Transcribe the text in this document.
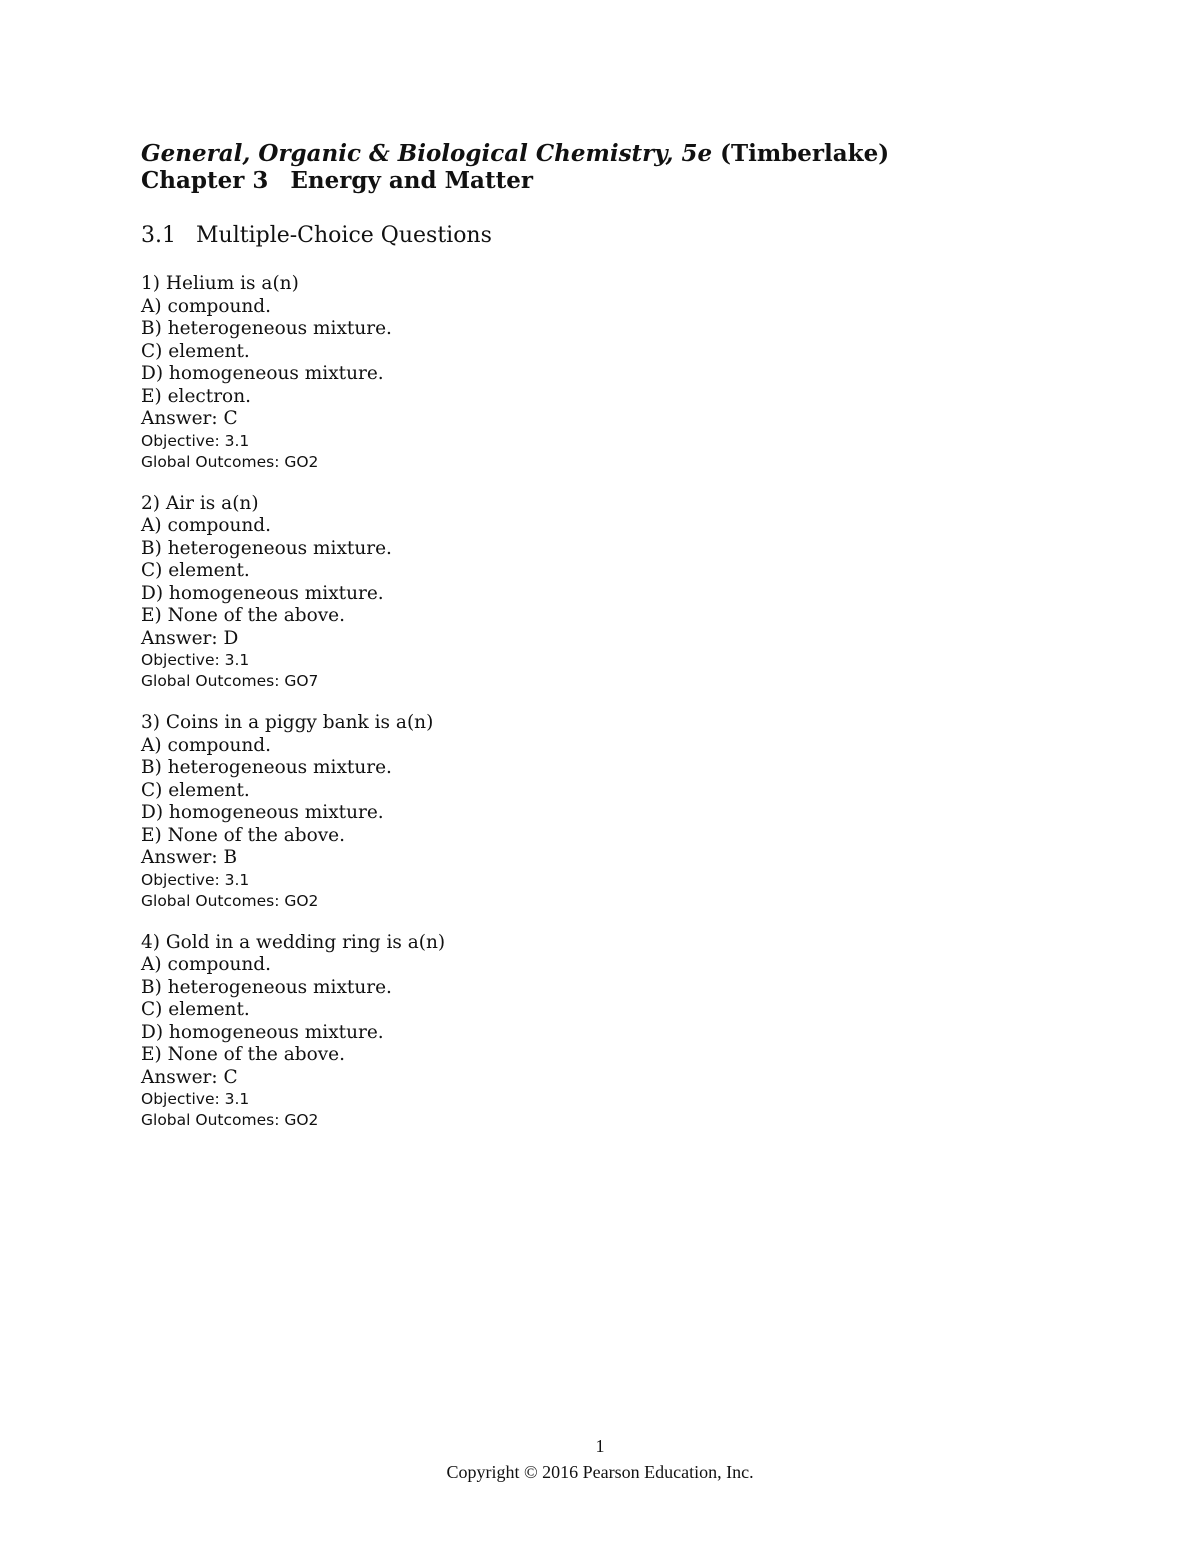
General, Organic & Biological Chemistry, 5e (Timberlake)
Chapter 3 Energy and Matter
3.1 Multiple-Choice Questions
1) Helium is a(n)
A) compound.
B) heterogeneous mixture.
C) element.
D) homogeneous mixture.
E) electron.
Answer: C
Objective: 3.1
Global Outcomes: GO2
2) Air is a(n)
A) compound.
B) heterogeneous mixture.
C) element.
D) homogeneous mixture.
E) None of the above.
Answer: D
Objective: 3.1
Global Outcomes: GO7
3) Coins in a piggy bank is a(n)
A) compound.
B) heterogeneous mixture.
C) element.
D) homogeneous mixture.
E) None of the above.
Answer: B
Objective: 3.1
Global Outcomes: GO2
4) Gold in a wedding ring is a(n)
A) compound.
B) heterogeneous mixture.
C) element.
D) homogeneous mixture.
E) None of the above.
Answer: C
Objective: 3.1
Global Outcomes: GO2
1
Copyright © 2016 Pearson Education, Inc.
